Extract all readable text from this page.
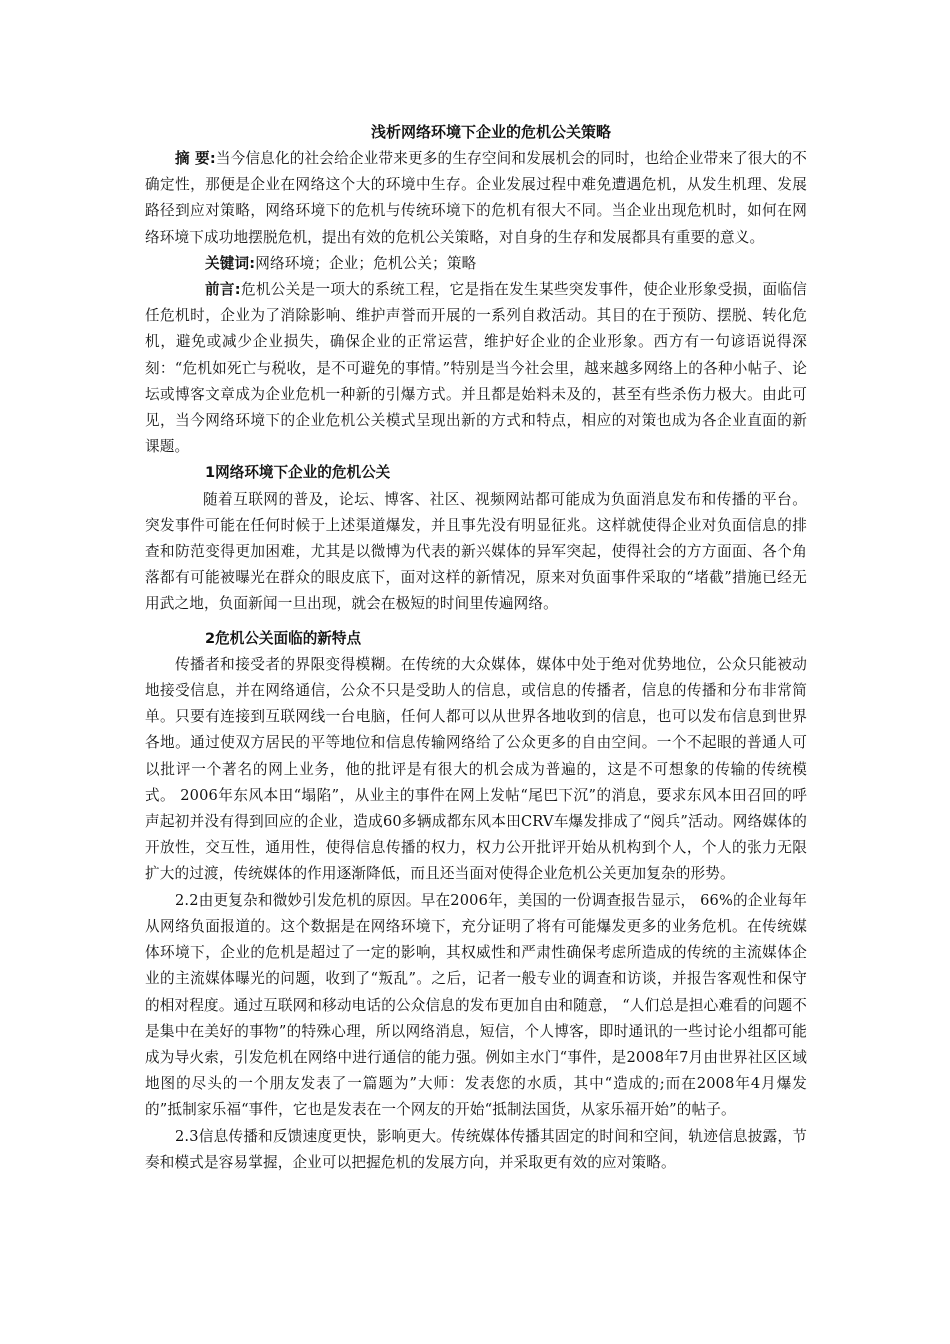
浅析网络环境下企业的危机公关策略

摘 要:当今信息化的社会给企业带来更多的生存空间和发展机会的同时，也给企业带来了很大的不确定性，那便是企业在网络这个大的环境中生存。企业发展过程中难免遭遇危机，从发生机理、发展路径到应对策略，网络环境下的危机与传统环境下的危机有很大不同。当企业出现危机时，如何在网络环境下成功地摆脱危机，提出有效的危机公关策略，对自身的生存和发展都具有重要的意义。

关键词:网络环境；企业；危机公关；策略

前言:危机公关是一项大的系统工程，它是指在发生某些突发事件，使企业形象受损，面临信任危机时，企业为了消除影响、维护声誉而开展的一系列自救活动。其目的在于预防、摆脱、转化危机，避免或减少企业损失，确保企业的正常运营，维护好企业的企业形象。西方有一句谚语说得深刻：“危机如死亡与税收，是不可避免的事情。”特别是当今社会里，越来越多网络上的各种小帖子、论坛或博客文章成为企业危机一种新的引爆方式。并且都是始料未及的，甚至有些杀伤力极大。由此可见，当今网络环境下的企业危机公关模式呈现出新的方式和特点，相应的对策也成为各企业直面的新课题。

1网络环境下企业的危机公关

随着互联网的普及，论坛、博客、社区、视频网站都可能成为负面消息发布和传播的平台。突发事件可能在任何时候于上述渠道爆发，并且事先没有明显征兆。这样就使得企业对负面信息的排查和防范变得更加困难，尤其是以微博为代表的新兴媒体的异军突起，使得社会的方方面面、各个角落都有可能被曝光在群众的眼皮底下，面对这样的新情况，原来对负面事件采取的“堵截”措施已经无用武之地，负面新闻一旦出现，就会在极短的时间里传遍网络。

2危机公关面临的新特点

传播者和接受者的界限变得模糊。在传统的大众媒体，媒体中处于绝对优势地位，公众只能被动地接受信息，并在网络通信，公众不只是受助人的信息，或信息的传播者，信息的传播和分布非常简单。只要有连接到互联网线一台电脑，任何人都可以从世界各地收到的信息，也可以发布信息到世界各地。通过使双方居民的平等地位和信息传输网络给了公众更多的自由空间。一个不起眼的普通人可以批评一个著名的网上业务，他的批评是有很大的机会成为普遍的，这是不可想象的传输的传统模式。 2006年东风本田“塌陷”，从业主的事件在网上发帖“尾巴下沉”的消息，要求东风本田召回的呼声起初并没有得到回应的企业，造成60多辆成都东风本田CRV车爆发排成了“阅兵”活动。网络媒体的开放性，交互性，通用性，使得信息传播的权力，权力公开批评开始从机构到个人，个人的张力无限扩大的过渡，传统媒体的作用逐渐降低，而且还当面对使得企业危机公关更加复杂的形势。

2.2由更复杂和微妙引发危机的原因。早在2006年，美国的一份调查报告显示， 66%的企业每年从网络负面报道的。这个数据是在网络环境下，充分证明了将有可能爆发更多的业务危机。在传统媒体环境下，企业的危机是超过了一定的影响，其权威性和严肃性确保考虑所造成的传统的主流媒体企业的主流媒体曝光的问题，收到了“叛乱”。之后，记者一般专业的调查和访谈，并报告客观性和保守的相对程度。通过互联网和移动电话的公众信息的发布更加自由和随意， “人们总是担心难看的问题不是集中在美好的事物”的特殊心理，所以网络消息，短信，个人博客，即时通讯的一些讨论小组都可能成为导火索，引发危机在网络中进行通信的能力强。例如主水门“事件，是2008年7月由世界社区区域地图的尽头的一个朋友发表了一篇题为”大师：发表您的水质，其中“造成的;而在2008年4月爆发的”抵制家乐福“事件，它也是发表在一个网友的开始“抵制法国货，从家乐福开始”的帖子。

2.3信息传播和反馈速度更快，影响更大。传统媒体传播其固定的时间和空间，轨迹信息披露，节奏和模式是容易掌握，企业可以把握危机的发展方向，并采取更有效的应对策略。
